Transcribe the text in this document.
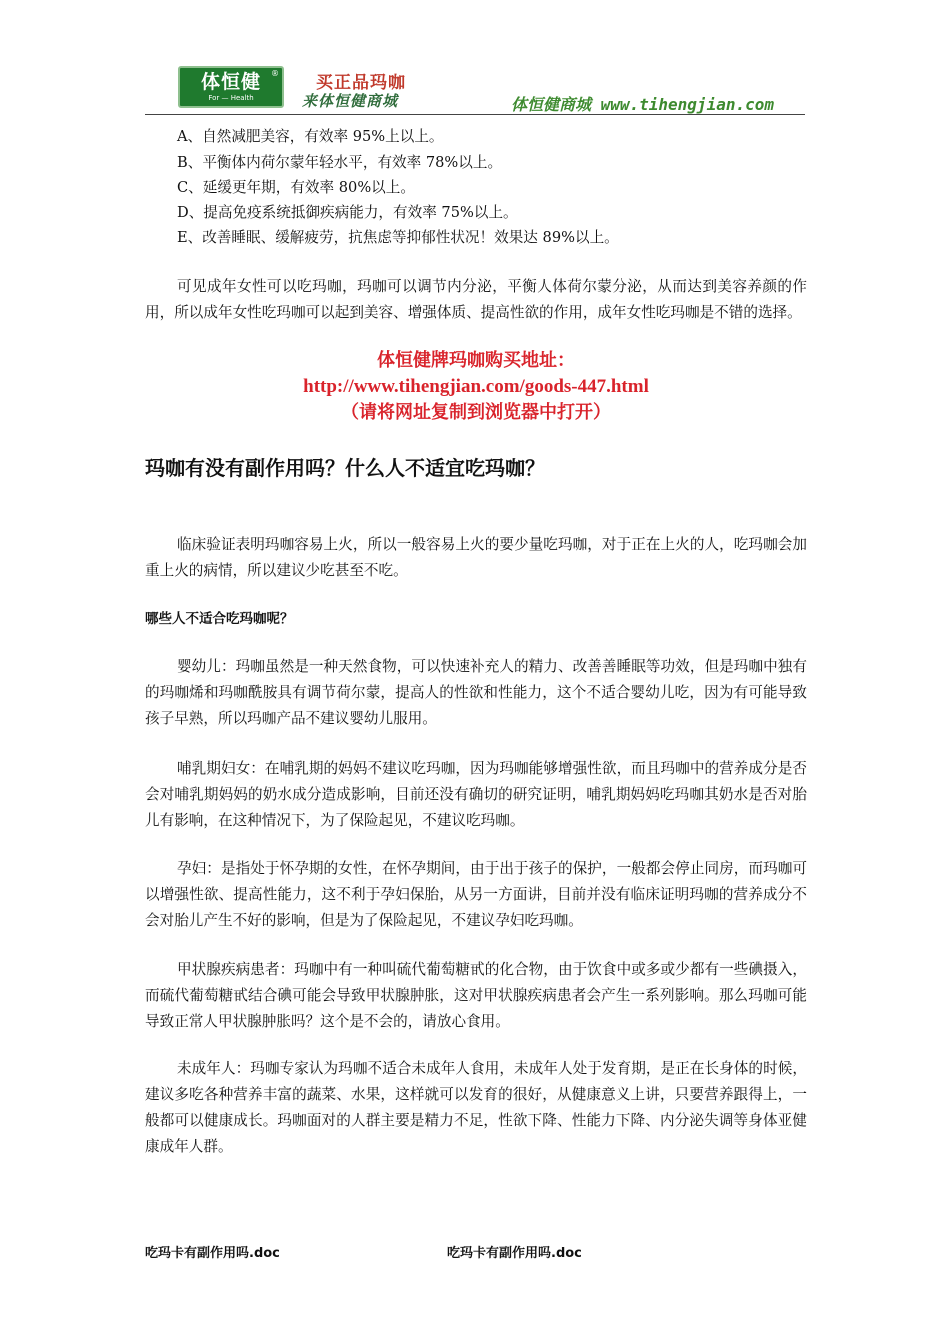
®
体恒健
For — Health
买正品玛咖
来体恒健商城	体恒健商城 www.tihengjian.com
A、自然减肥美容，有效率 95%上以上。
B、平衡体内荷尔蒙年轻水平，有效率 78%以上。
C、延缓更年期，有效率 80%以上。
D、提高免疫系统抵御疾病能力，有效率 75%以上。
E、改善睡眠、缓解疲劳，抗焦虑等抑郁性状况！效果达 89%以上。
可见成年女性可以吃玛咖，玛咖可以调节内分泌，平衡人体荷尔蒙分泌，从而达到美容养颜的作用，所以成年女性吃玛咖可以起到美容、增强体质、提高性欲的作用，成年女性吃玛咖是不错的选择。
体恒健牌玛咖购买地址：
http://www.tihengjian.com/goods-447.html
（请将网址复制到浏览器中打开）
玛咖有没有副作用吗？什么人不适宜吃玛咖？
临床验证表明玛咖容易上火，所以一般容易上火的要少量吃玛咖，对于正在上火的人，吃玛咖会加重上火的病情，所以建议少吃甚至不吃。
哪些人不适合吃玛咖呢？
婴幼儿：玛咖虽然是一种天然食物，可以快速补充人的精力、改善善睡眠等功效，但是玛咖中独有的玛咖烯和玛咖酰胺具有调节荷尔蒙，提高人的性欲和性能力，这个不适合婴幼儿吃，因为有可能导致孩子早熟，所以玛咖产品不建议婴幼儿服用。
哺乳期妇女：在哺乳期的妈妈不建议吃玛咖，因为玛咖能够增强性欲，而且玛咖中的营养成分是否会对哺乳期妈妈的奶水成分造成影响，目前还没有确切的研究证明，哺乳期妈妈吃玛咖其奶水是否对胎儿有影响，在这种情况下，为了保险起见，不建议吃玛咖。
孕妇：是指处于怀孕期的女性，在怀孕期间，由于出于孩子的保护，一般都会停止同房，而玛咖可以增强性欲、提高性能力，这不利于孕妇保胎，从另一方面讲，目前并没有临床证明玛咖的营养成分不会对胎儿产生不好的影响，但是为了保险起见，不建议孕妇吃玛咖。
甲状腺疾病患者：玛咖中有一种叫硫代葡萄糖甙的化合物，由于饮食中或多或少都有一些碘摄入，而硫代葡萄糖甙结合碘可能会导致甲状腺肿胀，这对甲状腺疾病患者会产生一系列影响。那么玛咖可能导致正常人甲状腺肿胀吗？这个是不会的，请放心食用。
未成年人：玛咖专家认为玛咖不适合未成年人食用，未成年人处于发育期，是正在长身体的时候，建议多吃各种营养丰富的蔬菜、水果，这样就可以发育的很好，从健康意义上讲，只要营养跟得上，一般都可以健康成长。玛咖面对的人群主要是精力不足，性欲下降、性能力下降、内分泌失调等身体亚健康成年人群。
吃玛卡有副作用吗.doc	吃玛卡有副作用吗.doc
